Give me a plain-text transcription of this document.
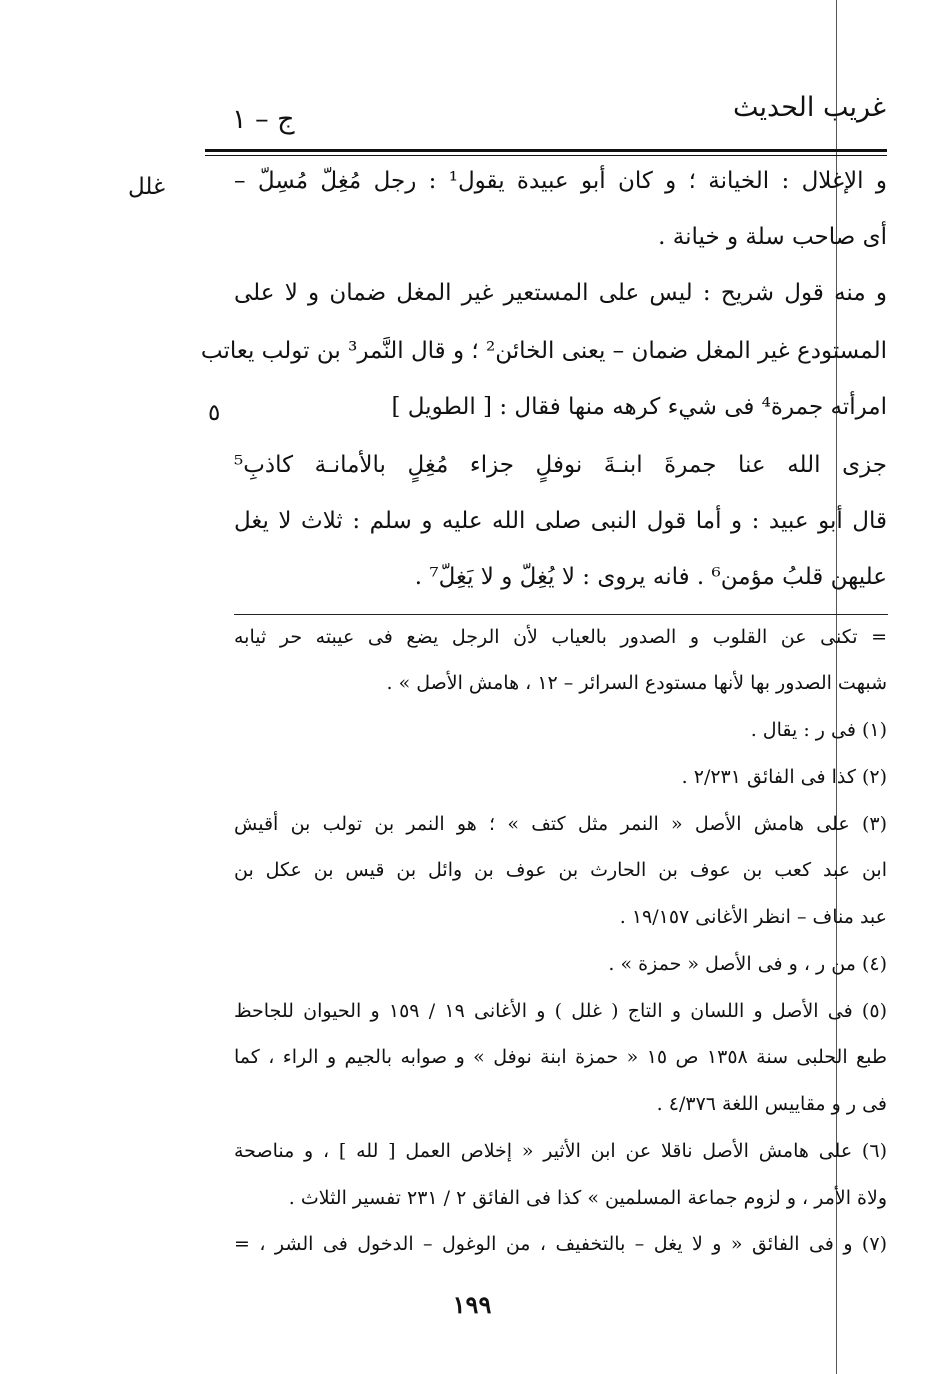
غريب الحديث
ج – ١
غلل
٥
و الإغلال : الخيانة ؛ و كان أبو عبيدة يقول¹ : رجل مُغِلّ مُسِلّ –
أى صاحب سلة و خيانة .
و منه قول شريح : ليس على المستعير غير المغل ضمان و لا على
المستودع غير المغل ضمان – يعنى الخائن² ؛ و قال النَّمر³ بن تولب يعاتب
امرأته جمرة⁴ فى شيء كرهه منها فقال : [ الطويل ]
جزى الله عنا جمرةَ ابنـةَ نوفلٍ جزاء مُغِلٍ بالأمانـة كاذبِ⁵
قال أبو عبيد : و أما قول النبى صلى الله عليه و سلم : ثلاث لا يغل
عليهن قلبُ مؤمن⁶ . فانه يروى : لا يُغِلّ و لا يَغِلّ⁷ .
= تكنى عن القلوب و الصدور بالعياب لأن الرجل يضع فى عيبته حر ثيابه
شبهت الصدور بها لأنها مستودع السرائر – ١٢ ، هامش الأصل » .
(١) فى ر : يقال .
(٢) كذا فى الفائق ٢/٢٣١ .
(٣) على هامش الأصل « النمر مثل كتف » ؛ هو النمر بن تولب بن أقيش
ابن عبد كعب بن عوف بن الحارث بن عوف بن وائل بن قيس بن عكل بن
عبد مناف – انظر الأغانى ١٩/١٥٧ .
(٤) من ر ، و فى الأصل « حمزة » .
(٥) فى الأصل و اللسان و التاج ( غلل ) و الأغانى ١٩ / ١٥٩ و الحيوان للجاحظ
طبع الحلبى سنة ١٣٥٨ ص ١٥ « حمزة ابنة نوفل » و صوابه بالجيم و الراء ، كما
فى ر و مقاييس اللغة ٤/٣٧٦ .
(٦) على هامش الأصل ناقلا عن ابن الأثير « إخلاص العمل [ لله ] ، و مناصحة
ولاة الأمر ، و لزوم جماعة المسلمين » كذا فى الفائق ٢ / ٢٣١ تفسير الثلاث .
(٧) و فى الفائق « و لا يغل – بالتخفيف ، من الوغول – الدخول فى الشر ، =
١٩٩
